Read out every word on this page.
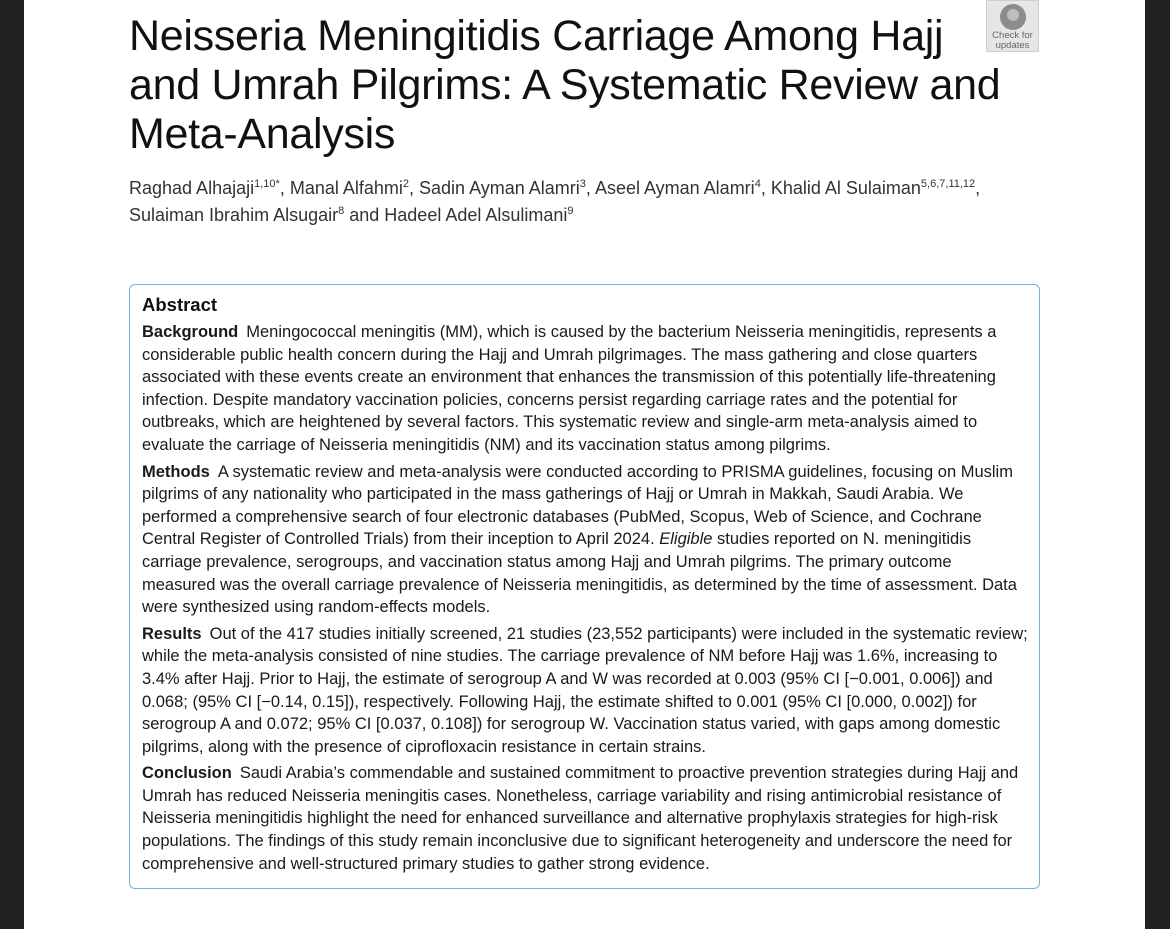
Neisseria Meningitidis Carriage Among Hajj and Umrah Pilgrims: A Systematic Review and Meta-Analysis
Check for
updates

Raghad Alhajaji$^{1,10*}$, Manal Alfahmi$^2$, Sadin Ayman Alamri$^3$, Aseel Ayman Alamri$^4$, Khalid Al Sulaiman$^{5,6,7,11,12}$,
Sulaiman Ibrahim Alsugair$^8$ and Hadeel Adel Alsulimani$^9$

Abstract

Background Meningococcal meningitis (MM), which is caused by the bacterium Neisseria meningitidis, represents a considerable public health concern during the Hajj and Umrah pilgrimages. The mass gathering and close quarters associated with these events create an environment that enhances the transmission of this potentially life-threatening infection. Despite mandatory vaccination policies, concerns persist regarding carriage rates and the potential for outbreaks, which are heightened by several factors. This systematic review and single-arm meta-analysis aimed to evaluate the carriage of Neisseria meningitidis (NM) and its vaccination status among pilgrims.

Methods A systematic review and meta-analysis were conducted according to PRISMA guidelines, focusing on Muslim pilgrims of any nationality who participated in the mass gatherings of Hajj or Umrah in Makkah, Saudi Arabia. We performed a comprehensive search of four electronic databases (PubMed, Scopus, Web of Science, and Cochrane Central Register of Controlled Trials) from their inception to April 2024. Eligible studies reported on N. meningitidis carriage prevalence, serogroups, and vaccination status among Hajj and Umrah pilgrims. The primary outcome measured was the overall carriage prevalence of Neisseria meningitidis, as determined by the time of assessment. Data were synthesized using random-effects models.

Results Out of the 417 studies initially screened, 21 studies (23,552 participants) were included in the systematic review; while the meta-analysis consisted of nine studies. The carriage prevalence of NM before Hajj was 1.6%, increasing to 3.4% after Hajj. Prior to Hajj, the estimate of serogroup A and W was recorded at 0.003 (95% CI [−0.001, 0.006]) and 0.068; (95% CI [−0.14, 0.15]), respectively. Following Hajj, the estimate shifted to 0.001 (95% CI [0.000, 0.002]) for serogroup A and 0.072; 95% CI [0.037, 0.108]) for serogroup W. Vaccination status varied, with gaps among domestic pilgrims, along with the presence of ciprofloxacin resistance in certain strains.

Conclusion Saudi Arabia’s commendable and sustained commitment to proactive prevention strategies during Hajj and Umrah has reduced Neisseria meningitis cases. Nonetheless, carriage variability and rising antimicrobial resistance of Neisseria meningitidis highlight the need for enhanced surveillance and alternative prophylaxis strategies for high-risk populations. The findings of this study remain inconclusive due to significant heterogeneity and underscore the need for comprehensive and well-structured primary studies to gather strong evidence.
